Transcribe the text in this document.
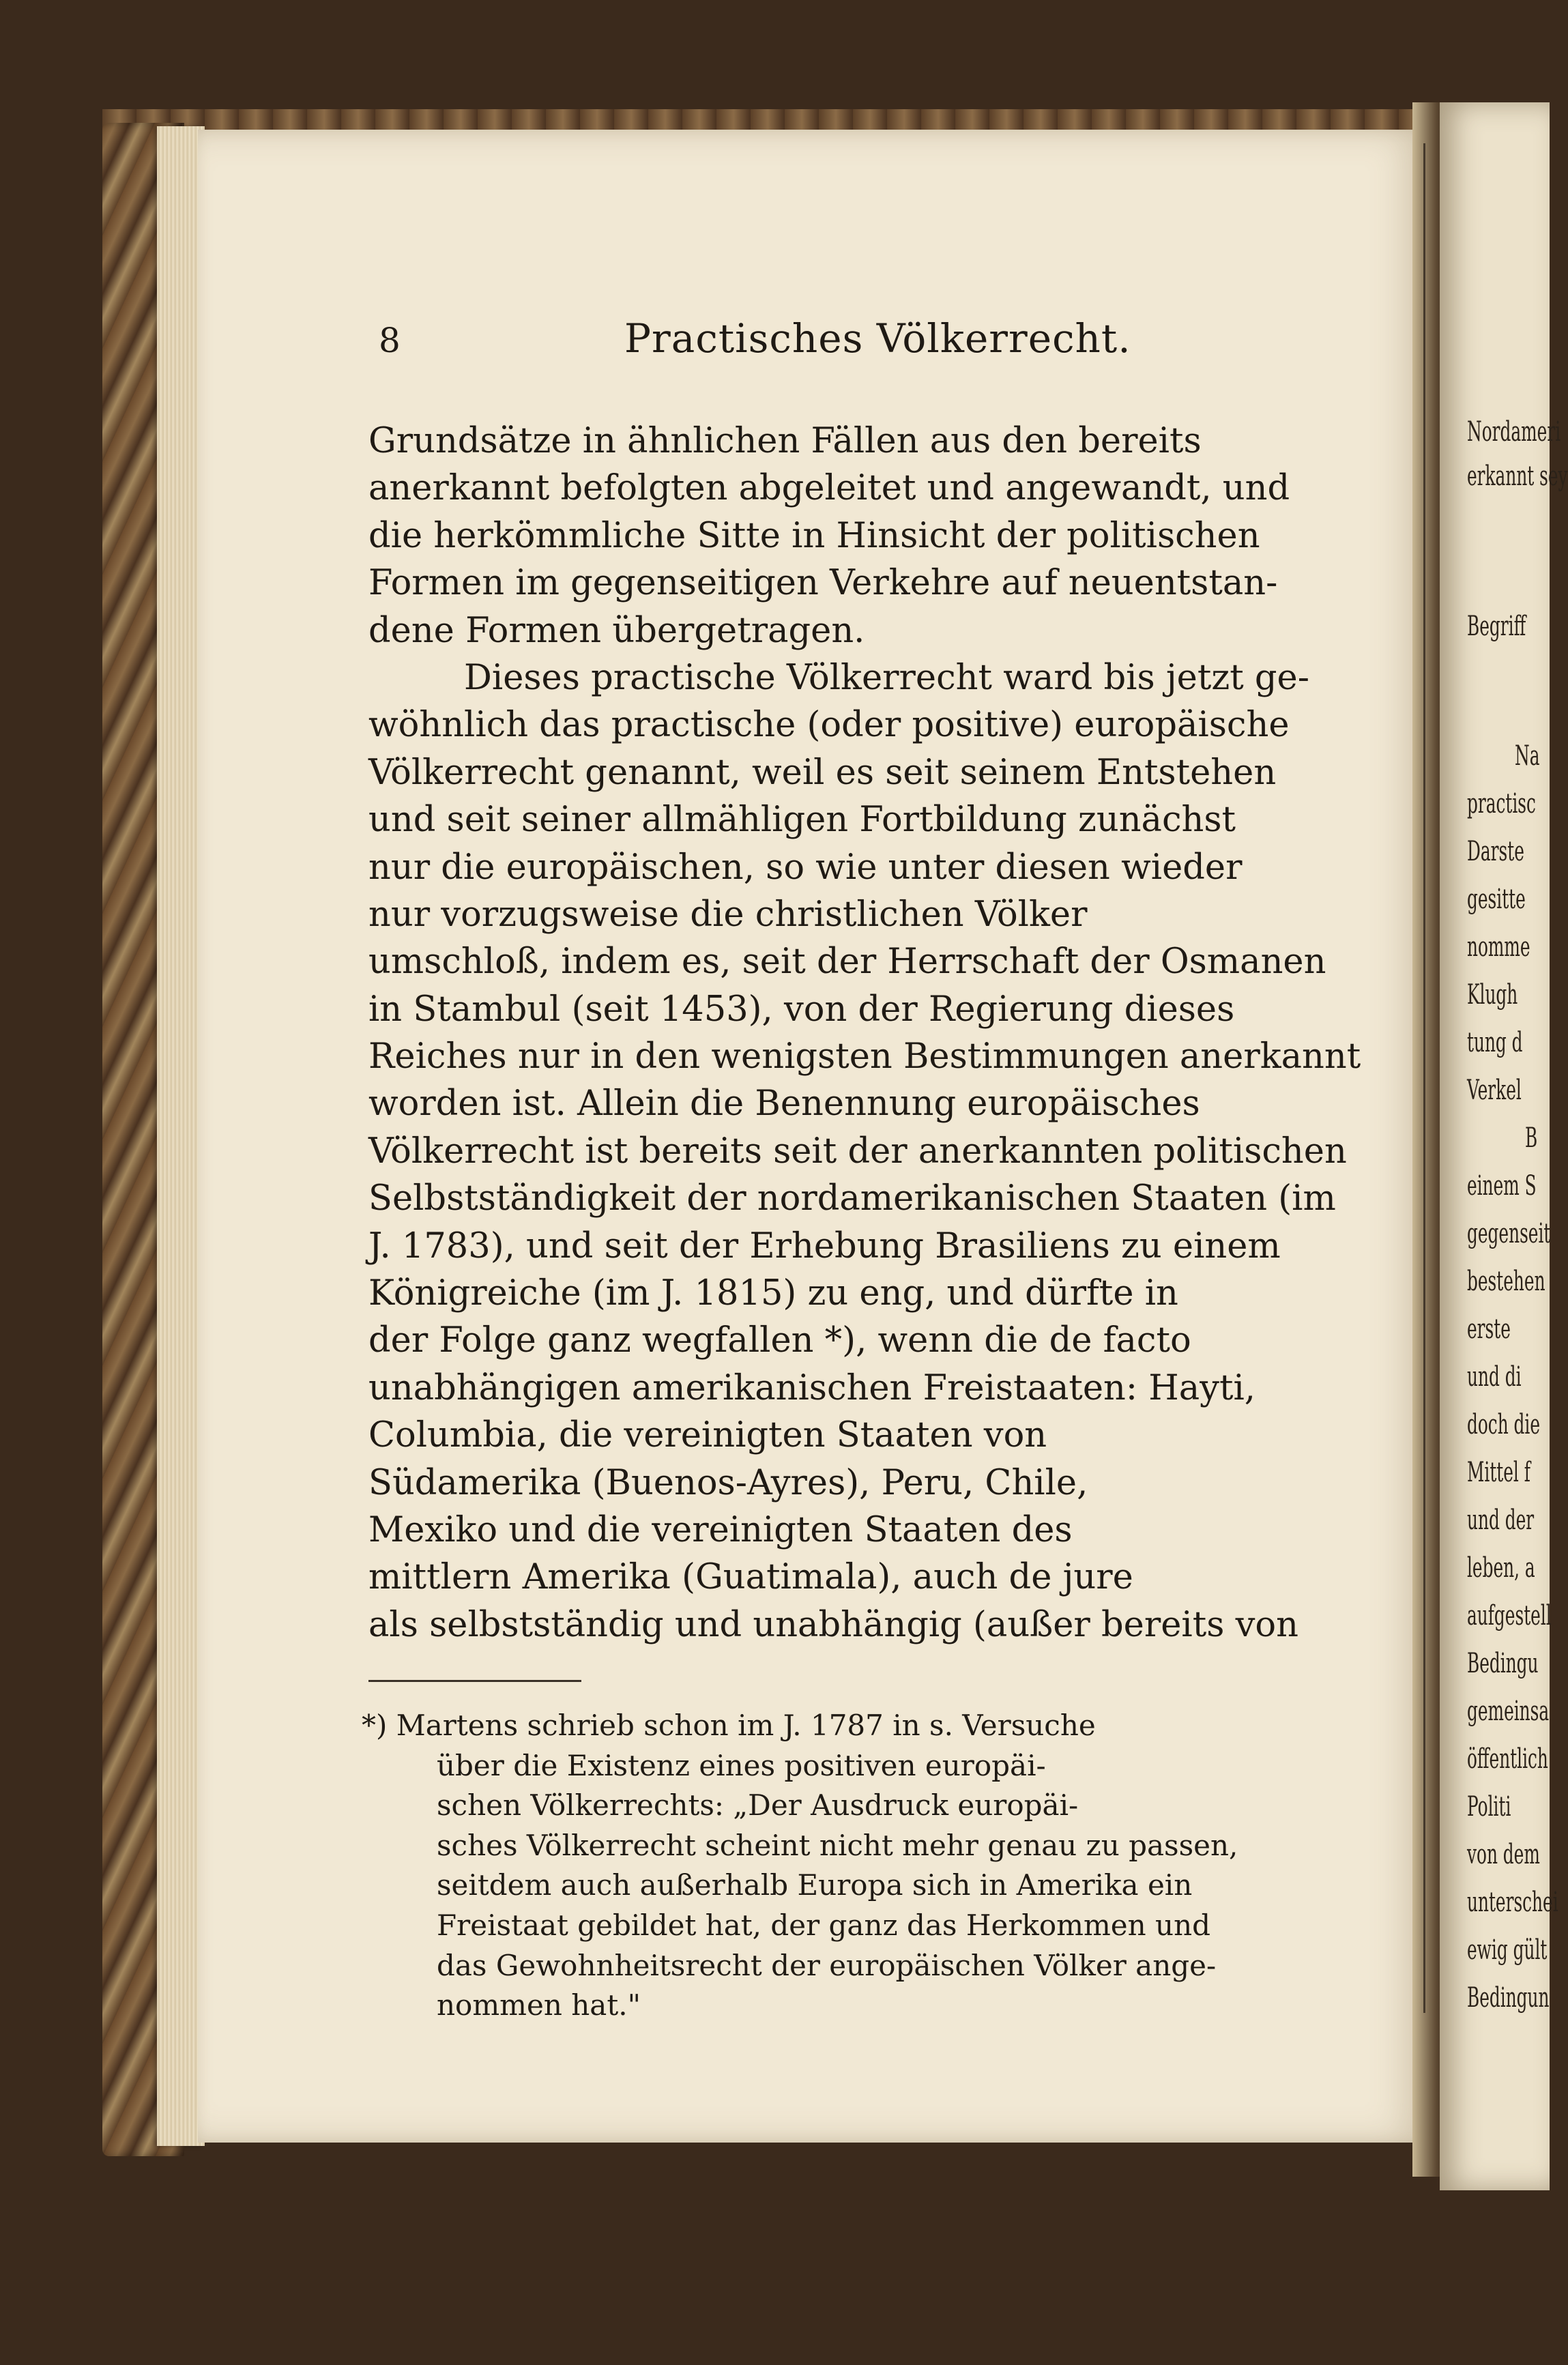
Nordameri
erkannt sey
Begriff
Na
practisc
Darste
gesitte
nomme
Klugh
tung d
Verkel
B
einem S
gegenseit
bestehen
erste
und di
doch die
Mittel f
und der
leben, a
aufgestell
Bedingu
gemeinsa
öffentlich
Politi
von dem
unterschei
ewig gült
Bedingun
8	Practisches Völkerrecht.
Grundsätze in ähnlichen Fällen aus den bereits
anerkannt befolgten abgeleitet und angewandt, und
die herkömmliche Sitte in Hinsicht der politischen
Formen im gegenseitigen Verkehre auf neuentstan-
dene Formen übergetragen.
Dieses practische Völkerrecht ward bis jetzt ge-
wöhnlich das practische (oder positive) europäische
Völkerrecht genannt, weil es seit seinem Entstehen
und seit seiner allmähligen Fortbildung zunächst
nur die europäischen, so wie unter diesen wieder
nur vorzugsweise die christlichen Völker
umschloß, indem es, seit der Herrschaft der Osmanen
in Stambul (seit 1453), von der Regierung dieses
Reiches nur in den wenigsten Bestimmungen anerkannt
worden ist. Allein die Benennung europäisches
Völkerrecht ist bereits seit der anerkannten politischen
Selbstständigkeit der nordamerikanischen Staaten (im
J. 1783), und seit der Erhebung Brasiliens zu einem
Königreiche (im J. 1815) zu eng, und dürfte in
der Folge ganz wegfallen *), wenn die de facto
unabhängigen amerikanischen Freistaaten: Hayti,
Columbia, die vereinigten Staaten von
Südamerika (Buenos-Ayres), Peru, Chile,
Mexiko und die vereinigten Staaten des
mittlern Amerika (Guatimala), auch de jure
als selbstständig und unabhängig (außer bereits von
*) Martens schrieb schon im J. 1787 in s. Versuche
über die Existenz eines positiven europäi-
schen Völkerrechts: „Der Ausdruck europäi-
sches Völkerrecht scheint nicht mehr genau zu passen,
seitdem auch außerhalb Europa sich in Amerika ein
Freistaat gebildet hat, der ganz das Herkommen und
das Gewohnheitsrecht der europäischen Völker ange-
nommen hat."
